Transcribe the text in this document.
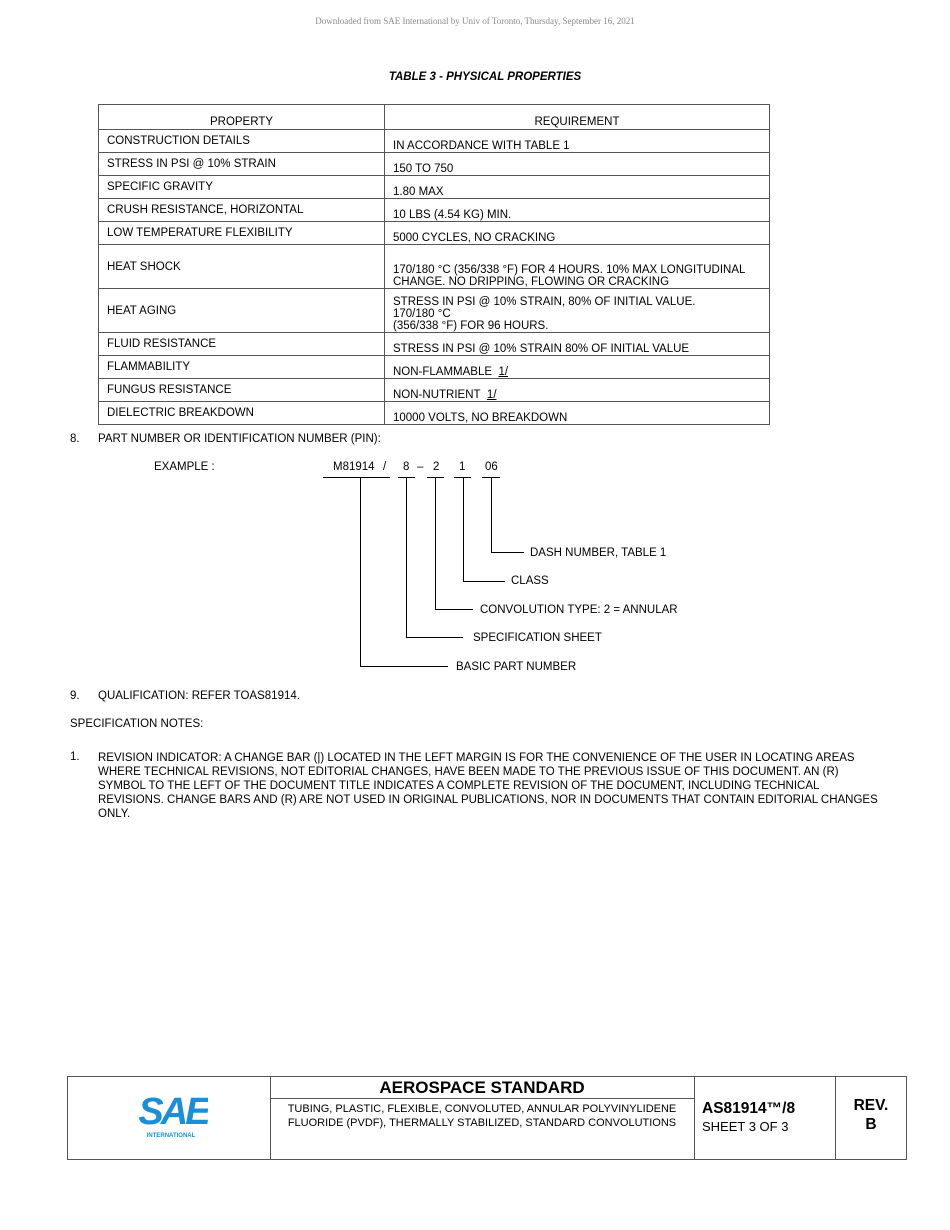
Downloaded from SAE International by Univ of Toronto, Thursday, September 16, 2021
TABLE 3 - PHYSICAL PROPERTIES
PROPERTY	REQUIREMENT
CONSTRUCTION DETAILS	IN ACCORDANCE WITH TABLE 1
STRESS IN PSI @ 10% STRAIN	150 TO 750
SPECIFIC GRAVITY	1.80 MAX
CRUSH RESISTANCE, HORIZONTAL	10 LBS (4.54 KG) MIN.
LOW TEMPERATURE FLEXIBILITY	5000 CYCLES, NO CRACKING
HEAT SHOCK	170/180 °C (356/338 °F) FOR 4 HOURS. 10% MAX LONGITUDINAL CHANGE. NO DRIPPING, FLOWING OR CRACKING
HEAT AGING	STRESS IN PSI @ 10% STRAIN, 80% OF INITIAL VALUE.
170/180 °C
(356/338 °F) FOR 96 HOURS.

FLUID RESISTANCE	STRESS IN PSI @ 10% STRAIN 80% OF INITIAL VALUE
FLAMMABILITY	NON-FLAMMABLE 1/
FUNGUS RESISTANCE	NON-NUTRIENT 1/
DIELECTRIC BREAKDOWN	10000 VOLTS, NO BREAKDOWN
8. PART NUMBER OR IDENTIFICATION NUMBER (PIN):
EXAMPLE :	M81914 / 8 – 2 1 06
DASH NUMBER, TABLE 1
CLASS
CONVOLUTION TYPE: 2 = ANNULAR
SPECIFICATION SHEET
BASIC PART NUMBER
9. QUALIFICATION: REFER TOAS81914.
SPECIFICATION NOTES:
1. REVISION INDICATOR: A CHANGE BAR (|) LOCATED IN THE LEFT MARGIN IS FOR THE CONVENIENCE OF THE USER IN LOCATING AREAS WHERE TECHNICAL REVISIONS, NOT EDITORIAL CHANGES, HAVE BEEN MADE TO THE PREVIOUS ISSUE OF THIS DOCUMENT. AN (R) SYMBOL TO THE LEFT OF THE DOCUMENT TITLE INDICATES A COMPLETE REVISION OF THE DOCUMENT, INCLUDING TECHNICAL REVISIONS. CHANGE BARS AND (R) ARE NOT USED IN ORIGINAL PUBLICATIONS, NOR IN DOCUMENTS THAT CONTAIN EDITORIAL CHANGES ONLY.
SAE
INTERNATIONAL
AEROSPACE STANDARD
TUBING, PLASTIC, FLEXIBLE, CONVOLUTED, ANNULAR POLYVINYLIDENE FLUORIDE (PVDF), THERMALLY STABILIZED, STANDARD CONVOLUTIONS
AS81914™/8
SHEET 3 OF 3
REV.
B
